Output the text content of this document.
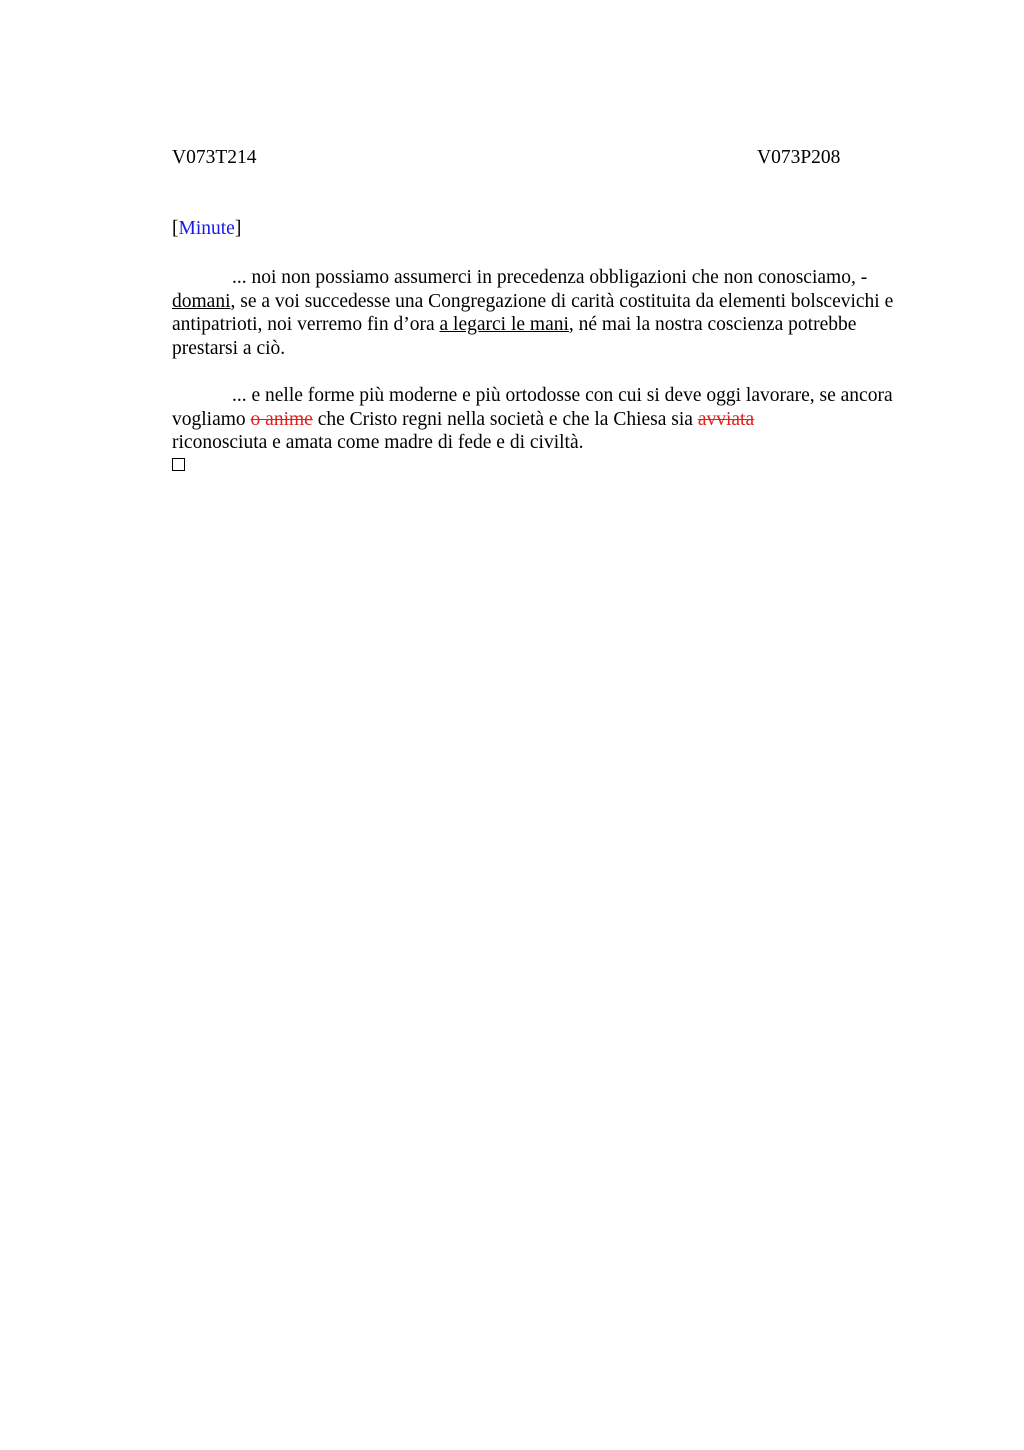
V073T214	V073P208
[Minute]

... noi non possiamo assumerci in precedenza obbligazioni che non conosciamo, - domani, se a voi succedesse una Congregazione di carità costituita da elementi bolscevichi e antipatrioti, noi verremo fin d’ora a legarci le mani, né mai la nostra coscienza potrebbe prestarsi a ciò.

... e nelle forme più moderne e più ortodosse con cui si deve oggi lavorare, se ancora vogliamo o anime che Cristo regni nella società e che la Chiesa sia avviata
riconosciuta e amata come madre di fede e di civiltà.
